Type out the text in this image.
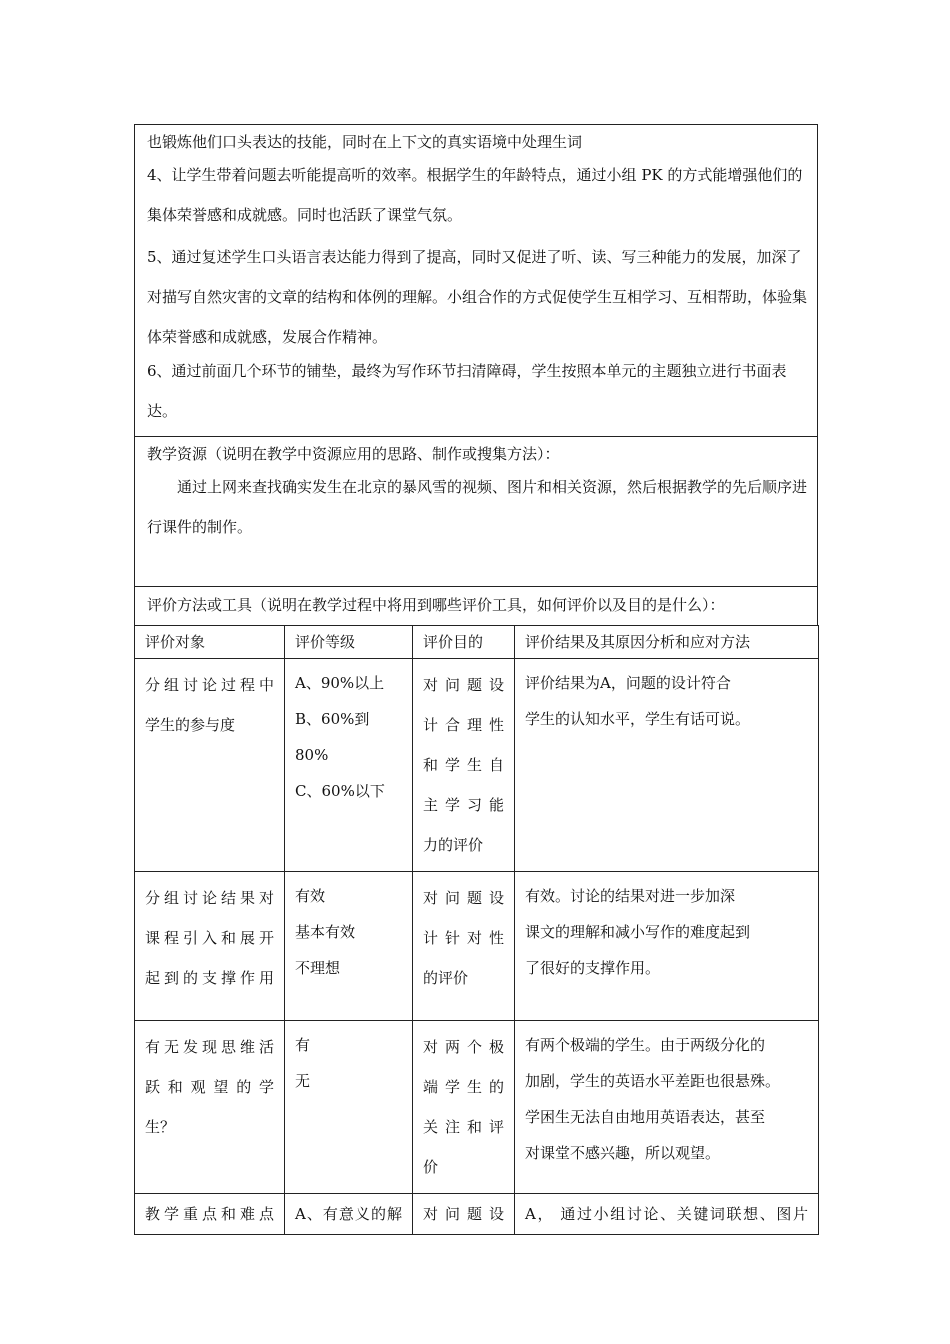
也锻炼他们口头表达的技能，同时在上下文的真实语境中处理生词

4、让学生带着问题去听能提高听的效率。根据学生的年龄特点，通过小组 PK 的方式能增强他们的集体荣誉感和成就感。同时也活跃了课堂气氛。

5、通过复述学生口头语言表达能力得到了提高，同时又促进了听、读、写三种能力的发展，加深了对描写自然灾害的文章的结构和体例的理解。小组合作的方式促使学生互相学习、互相帮助，体验集体荣誉感和成就感，发展合作精神。

6、通过前面几个环节的铺垫，最终为写作环节扫清障碍，学生按照本单元的主题独立进行书面表达。

教学资源（说明在教学中资源应用的思路、制作或搜集方法）：

通过上网来查找确实发生在北京的暴风雪的视频、图片和相关资源，然后根据教学的先后顺序进行课件的制作。

评价方法或工具（说明在教学过程中将用到哪些评价工具，如何评价以及目的是什么）：

评价对象	评价等级	评价目的	评价结果及其原因分析和应对方法

分组讨论过程中
学生的参与度	A、90%以上
B、60%到 80%
C、60%以下	对问题设
计合理性
和学生自
主学习能
力的评价	评价结果为A，问题的设计符合
学生的认知水平，学生有话可说。

分组讨论结果对
课程引入和展开
起到的支撑作用	有效
基本有效
不理想	对问题设
计针对性
的评价	有效。讨论的结果对进一步加深
课文的理解和减小写作的难度起到
了很好的支撑作用。

有无发现思维活
跃和观望的学
生？	有
无	对两个极
端学生的
关注和评
价	有两个极端的学生。由于两级分化的
加剧，学生的英语水平差距也很悬殊。
学困生无法自由地用英语表达，甚至
对课堂不感兴趣，所以观望。

教学重点和难点	A、有意义的解	对问题设	A， 通过小组讨论、关键词联想、图片
